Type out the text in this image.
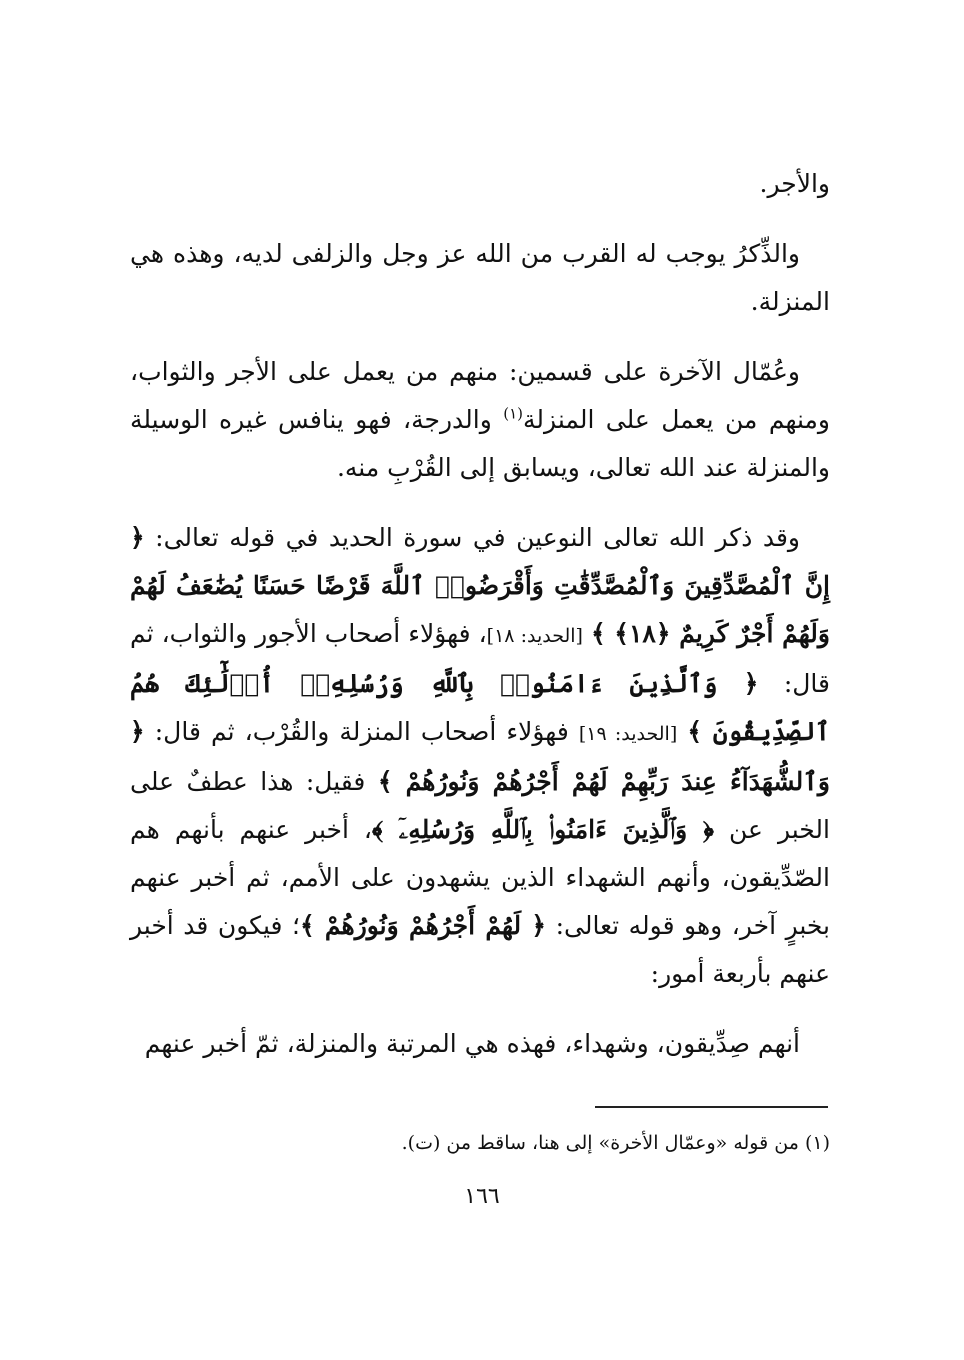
والأجر.

والذِّكرُ يوجب له القرب من الله عز وجل والزلفى لديه، وهذه هي المنزلة.

وعُمّال الآخرة على قسمين: منهم من يعمل على الأجر والثواب، ومنهم من يعمل على المنزلة$^{(١)}$ والدرجة، فهو ينافس غيره الوسيلة والمنزلة عند الله تعالى، ويسابق إلى القُرْبِ منه.

وقد ذكر الله تعالى النوعين في سورة الحديد في قوله تعالى: ﴿ إِنَّ ٱلْمُصَّدِّقِينَ وَٱلْمُصَّدِّقَٰتِ وَأَقْرَضُوا۟ ٱللَّهَ قَرْضًا حَسَنًا يُضَٰعَفُ لَهُمْ وَلَهُمْ أَجْرٌ كَرِيمٌ ﴿١٨﴾ ﴾ [الحديد: ١٨]، فهؤلاء أصحاب الأجور والثواب، ثم قال: ﴿ وَٱلَّذِينَ ءَامَنُوا۟ بِٱللَّهِ وَرُسُلِهِۦٓ أُو۟لَٰٓئِكَ هُمُ ٱلصِّدِّيقُونَ ﴾ [الحديد: ١٩] فهؤلاء أصحاب المنزلة والقُرْب، ثم قال: ﴿ وَٱلشُّهَدَآءُ عِندَ رَبِّهِمْ لَهُمْ أَجْرُهُمْ وَنُورُهُمْ ﴾ فقيل: هذا عطفٌ على الخبر عن ﴿ وَٱلَّذِينَ ءَامَنُوا۟ بِٱللَّهِ وَرُسُلِهِۦٓ ﴾، أخبر عنهم بأنهم هم الصّدِّيقون، وأنهم الشهداء الذين يشهدون على الأمم، ثم أخبر عنهم بخبرٍ آخر، وهو قوله تعالى: ﴿ لَهُمْ أَجْرُهُمْ وَنُورُهُمْ ﴾؛ فيكون قد أخبر عنهم بأربعة أمور:

أنهم صِدِّيقون، وشهداء، فهذه هي المرتبة والمنزلة، ثمّ أخبر عنهم

(١) من قوله «وعمّال الأخرة» إلى هنا، ساقط من (ت).
١٦٦
